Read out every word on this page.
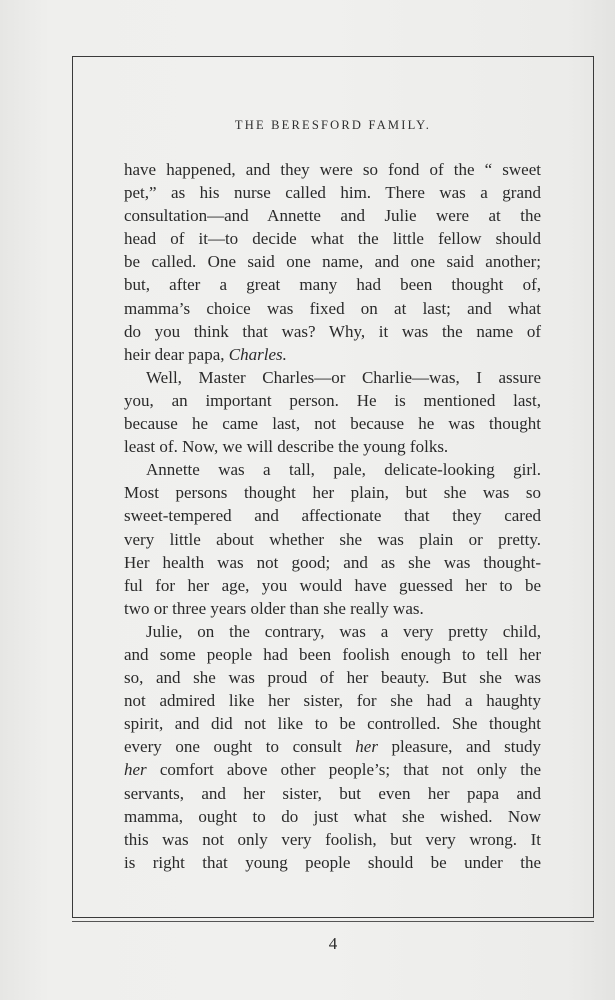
THE BERESFORD FAMILY.
have happened, and they were so fond of the “ sweet
pet,” as his nurse called him. There was a grand
consultation—and Annette and Julie were at the
head of it—to decide what the little fellow should
be called. One said one name, and one said another;
but, after a great many had been thought of,
mamma’s choice was fixed on at last; and what
do you think that was? Why, it was the name of
heir dear papa, Charles.
Well, Master Charles—or Charlie—was, I assure
you, an important person. He is mentioned last,
because he came last, not because he was thought
least of. Now, we will describe the young folks.
Annette was a tall, pale, delicate-looking girl.
Most persons thought her plain, but she was so
sweet-tempered and affectionate that they cared
very little about whether she was plain or pretty.
Her health was not good; and as she was thought-
ful for her age, you would have guessed her to be
two or three years older than she really was.
Julie, on the contrary, was a very pretty child,
and some people had been foolish enough to tell her
so, and she was proud of her beauty. But she was
not admired like her sister, for she had a haughty
spirit, and did not like to be controlled. She thought
every one ought to consult her pleasure, and study
her comfort above other people’s; that not only the
servants, and her sister, but even her papa and
mamma, ought to do just what she wished. Now
this was not only very foolish, but very wrong. It
is right that young people should be under the
4
